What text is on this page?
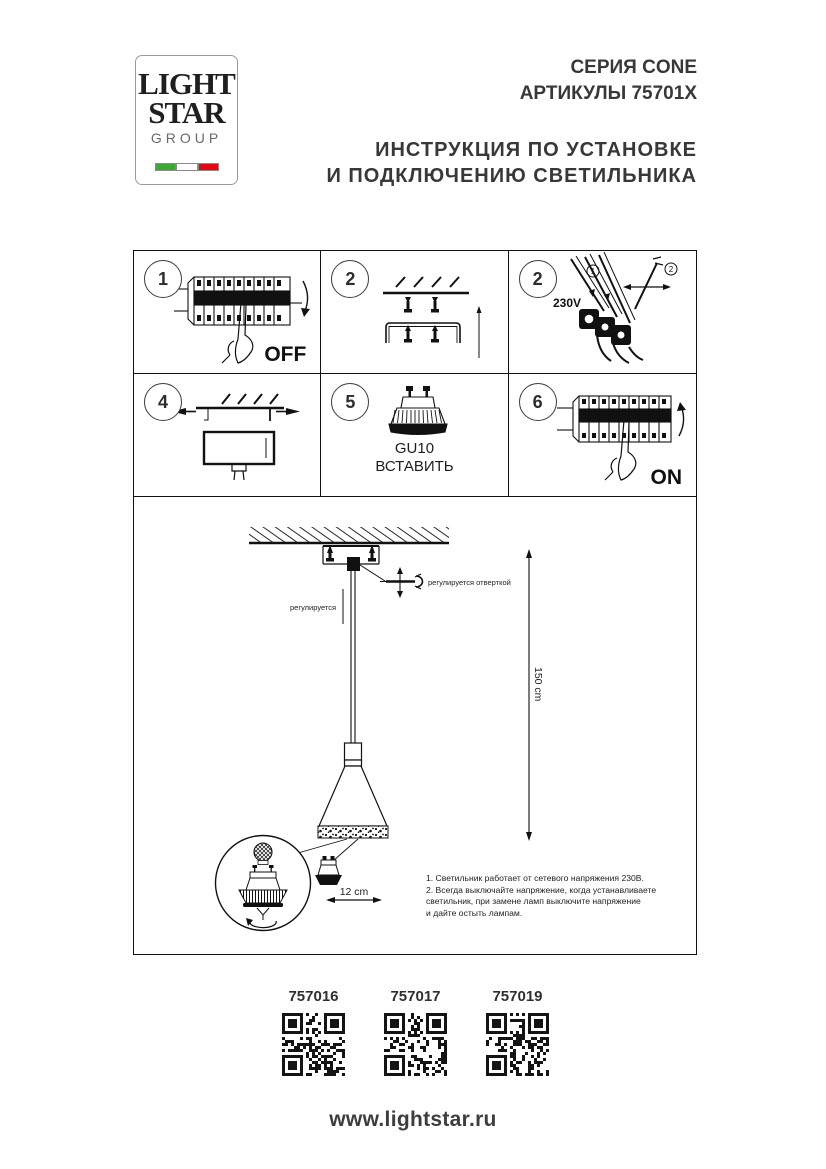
LIGHT
STAR
GROUP
СЕРИЯ CONE
АРТИКУЛЫ 75701X
ИНСТРУКЦИЯ ПО УСТАНОВКЕ
И ПОДКЛЮЧЕНИЮ СВЕТИЛЬНИКА
1
OFF
2	2	1	2
230V
4	5
GU10
ВСТАВИТЬ
6
ON
регулируется отверткой
регулируется
150 cm
12 cm
1. Светильник работает от сетевого напряжения 230В.
2. Всегда выключайте напряжение, когда устанавливаете
светильник, при замене ламп выключите напряжение
и дайте остыть лампам.
757016	757017	757019
www.lightstar.ru
